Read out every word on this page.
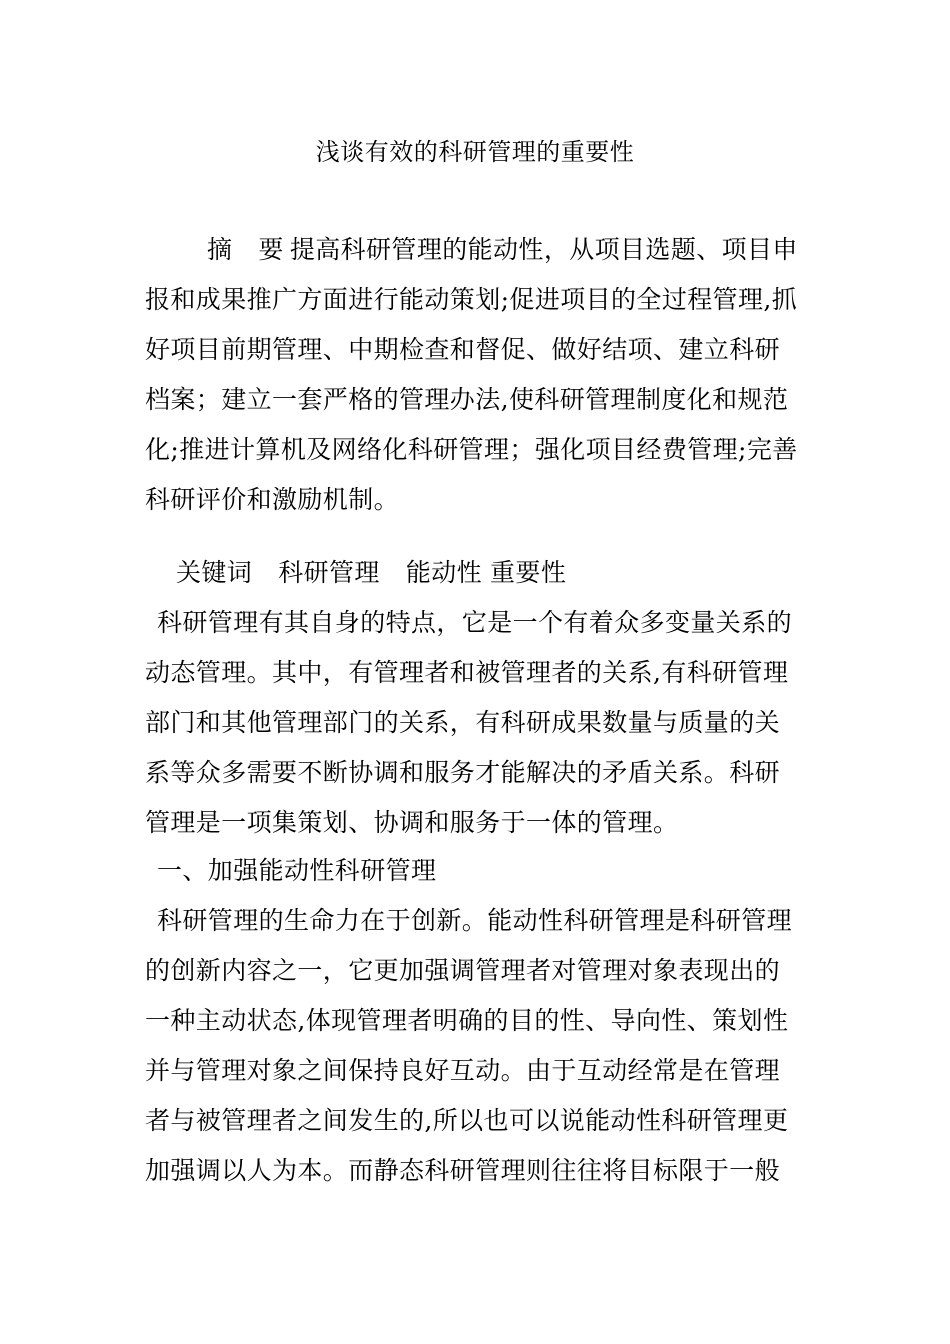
浅谈有效的科研管理的重要性
摘 要 提高科研管理的能动性，从项目选题、项目申
报和成果推广方面进行能动策划;促进项目的全过程管理,抓
好项目前期管理、中期检查和督促、做好结项、建立科研
档案；建立一套严格的管理办法,使科研管理制度化和规范
化;推进计算机及网络化科研管理；强化项目经费管理;完善
科研评价和激励机制。
关键词 科研管理 能动性 重要性
科研管理有其自身的特点，它是一个有着众多变量关系的
动态管理。其中，有管理者和被管理者的关系,有科研管理
部门和其他管理部门的关系，有科研成果数量与质量的关
系等众多需要不断协调和服务才能解决的矛盾关系。科研
管理是一项集策划、协调和服务于一体的管理。
一、加强能动性科研管理
科研管理的生命力在于创新。能动性科研管理是科研管理
的创新内容之一，它更加强调管理者对管理对象表现出的
一种主动状态,体现管理者明确的目的性、导向性、策划性
并与管理对象之间保持良好互动。由于互动经常是在管理
者与被管理者之间发生的,所以也可以说能动性科研管理更
加强调以人为本。而静态科研管理则往往将目标限于一般
